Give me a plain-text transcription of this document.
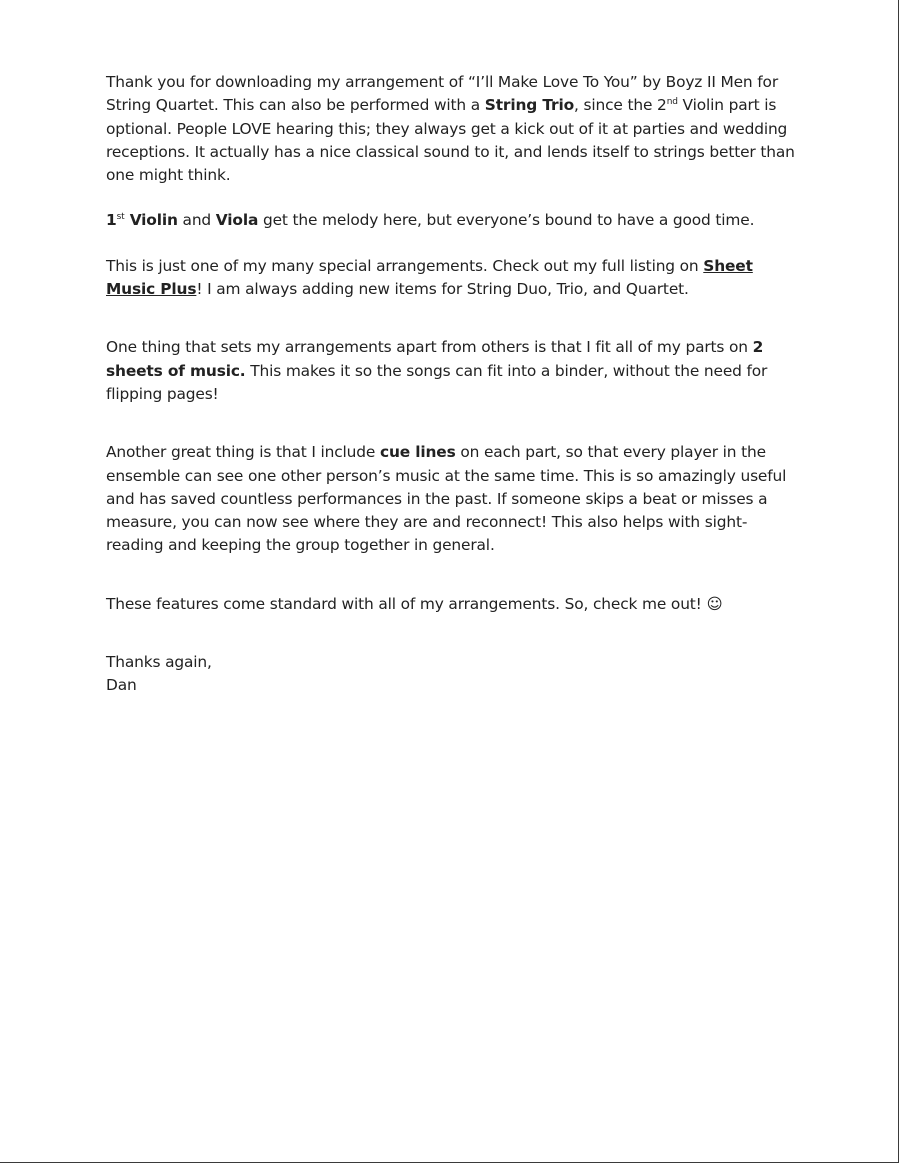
Thank you for downloading my arrangement of “I’ll Make Love To You” by Boyz II Men for String Quartet. This can also be performed with a String Trio, since the 2nd Violin part is optional. People LOVE hearing this; they always get a kick out of it at parties and wedding receptions. It actually has a nice classical sound to it, and lends itself to strings better than one might think.

1st Violin and Viola get the melody here, but everyone’s bound to have a good time.

This is just one of my many special arrangements. Check out my full listing on Sheet Music Plus! I am always adding new items for String Duo, Trio, and Quartet.

One thing that sets my arrangements apart from others is that I fit all of my parts on 2 sheets of music. This makes it so the songs can fit into a binder, without the need for flipping pages!

Another great thing is that I include cue lines on each part, so that every player in the ensemble can see one other person’s music at the same time. This is so amazingly useful and has saved countless performances in the past. If someone skips a beat or misses a measure, you can now see where they are and reconnect! This also helps with sight-reading and keeping the group together in general.

These features come standard with all of my arrangements. So, check me out! ☺

Thanks again,

Dan
